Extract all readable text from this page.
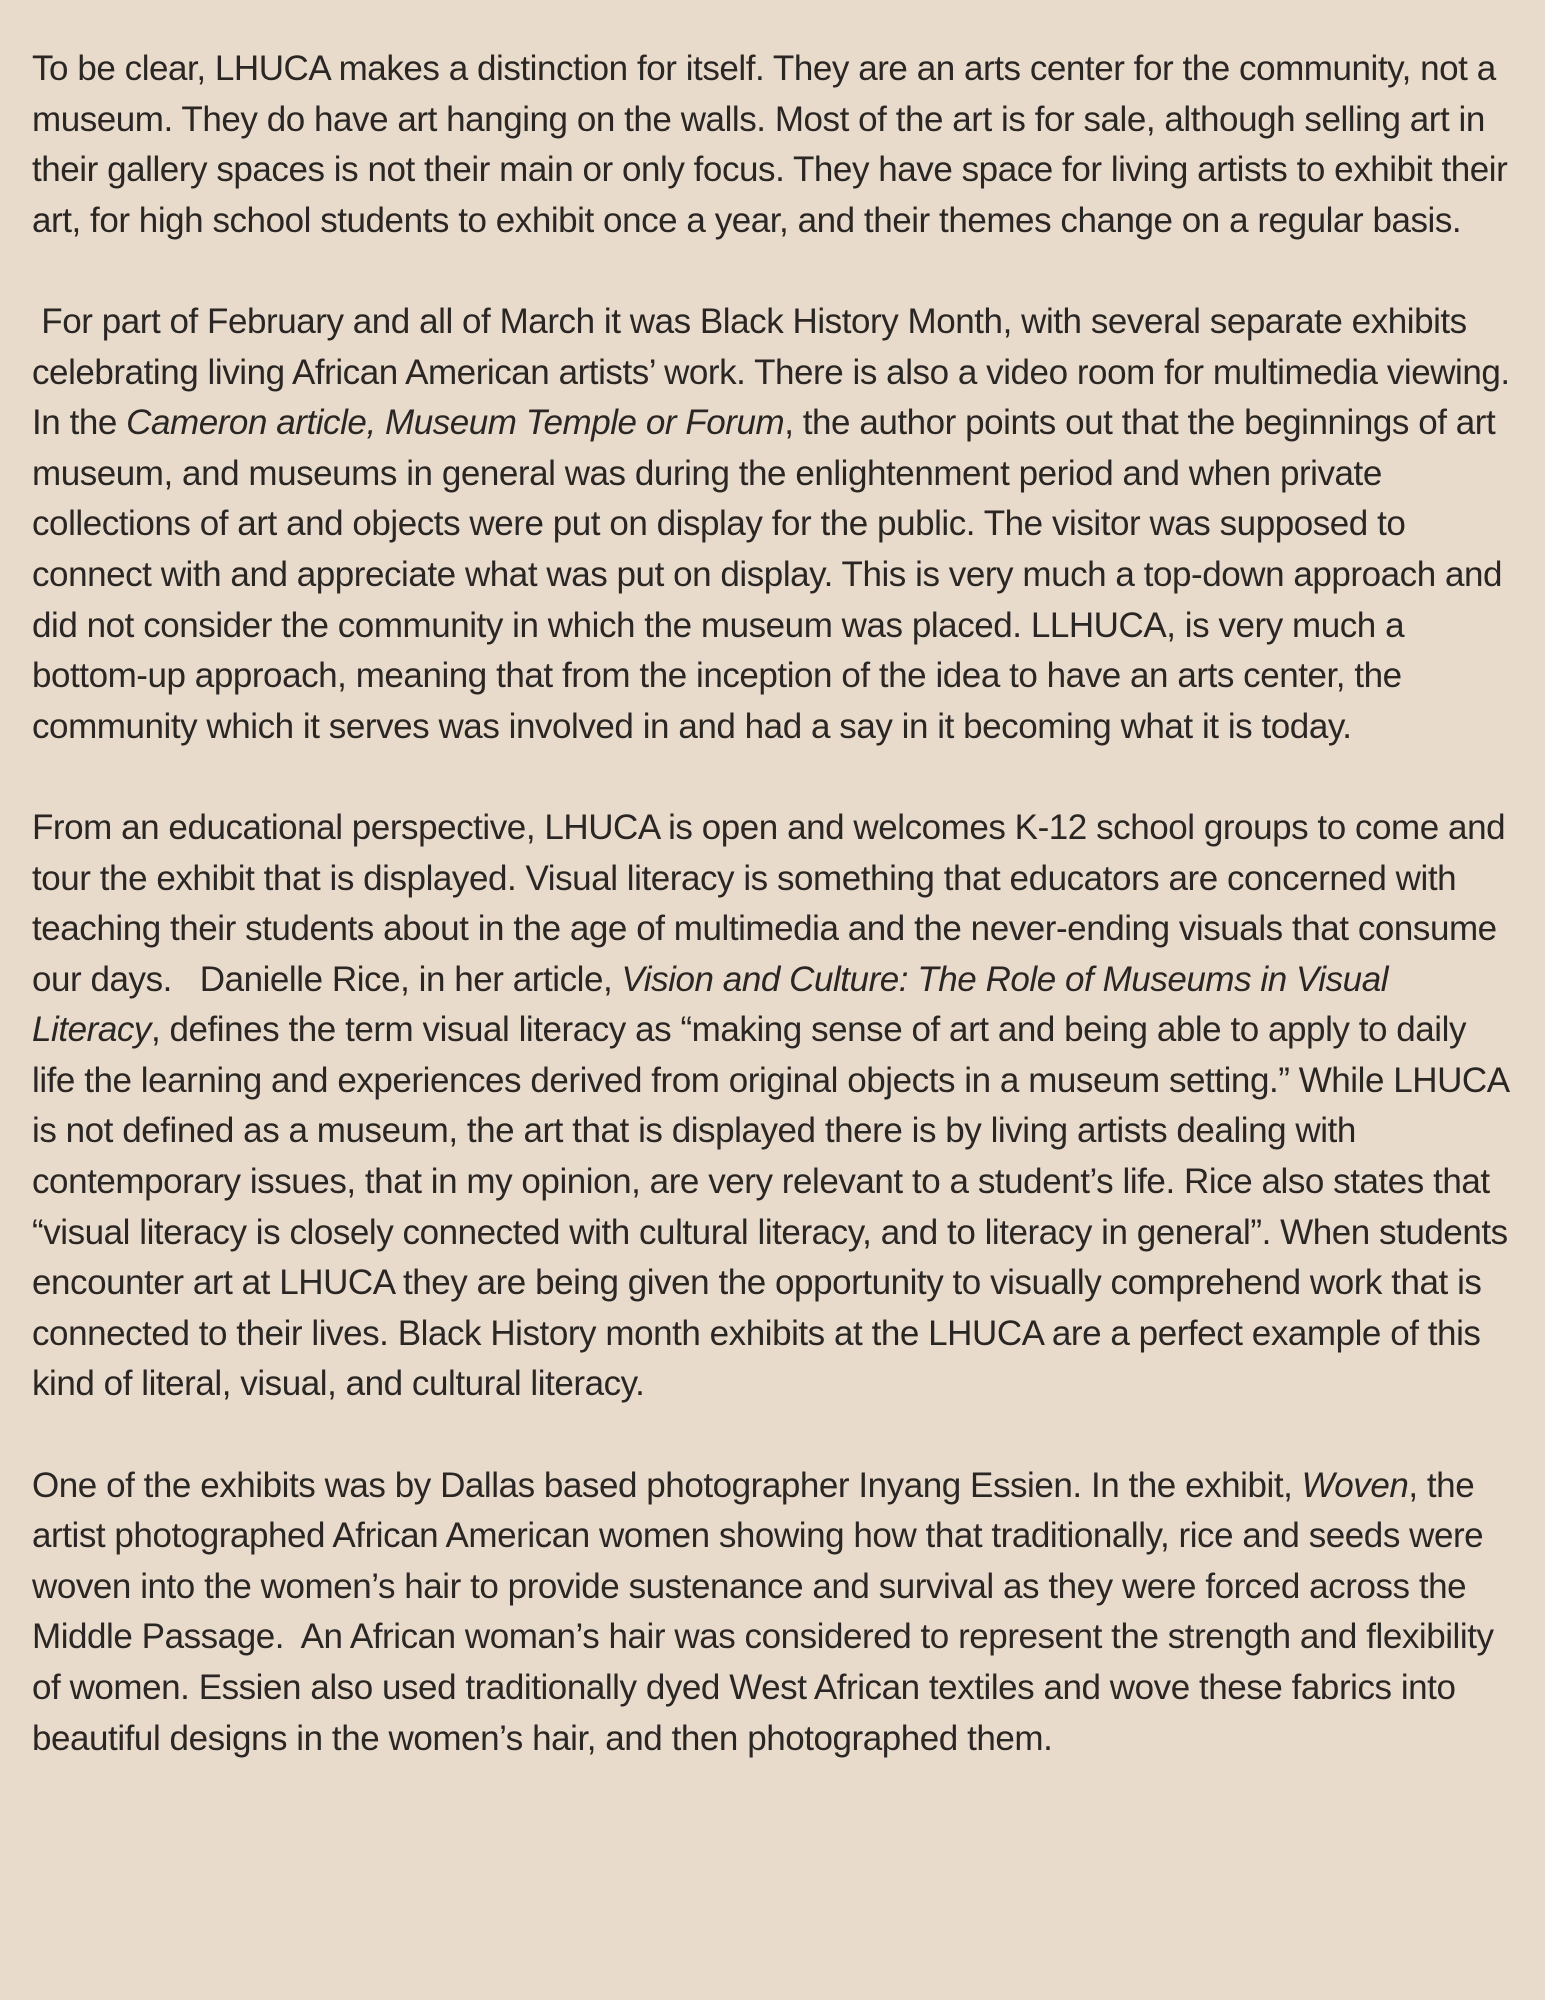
To be clear, LHUCA makes a distinction for itself. They are an arts center for the community, not a museum. They do have art hanging on the walls. Most of the art is for sale, although selling art in their gallery spaces is not their main or only focus. They have space for living artists to exhibit their art, for high school students to exhibit once a year, and their themes change on a regular basis.

For part of February and all of March it was Black History Month, with several separate exhibits celebrating living African American artists’ work. There is also a video room for multimedia viewing. In the Cameron article, Museum Temple or Forum, the author points out that the beginnings of art museum, and museums in general was during the enlightenment period and when private collections of art and objects were put on display for the public. The visitor was supposed to connect with and appreciate what was put on display. This is very much a top-down approach and did not consider the community in which the museum was placed. LLHUCA, is very much a bottom-up approach, meaning that from the inception of the idea to have an arts center, the community which it serves was involved in and had a say in it becoming what it is today.

From an educational perspective, LHUCA is open and welcomes K-12 school groups to come and tour the exhibit that is displayed. Visual literacy is something that educators are concerned with teaching their students about in the age of multimedia and the never-ending visuals that consume our days.   Danielle Rice, in her article, Vision and Culture: The Role of Museums in Visual Literacy, defines the term visual literacy as “making sense of art and being able to apply to daily life the learning and experiences derived from original objects in a museum setting.” While LHUCA is not defined as a museum, the art that is displayed there is by living artists dealing with contemporary issues, that in my opinion, are very relevant to a student’s life. Rice also states that “visual literacy is closely connected with cultural literacy, and to literacy in general”. When students encounter art at LHUCA they are being given the opportunity to visually comprehend work that is connected to their lives. Black History month exhibits at the LHUCA are a perfect example of this kind of literal, visual, and cultural literacy.

One of the exhibits was by Dallas based photographer Inyang Essien. In the exhibit, Woven, the artist photographed African American women showing how that traditionally, rice and seeds were woven into the women’s hair to provide sustenance and survival as they were forced across the Middle Passage.  An African woman’s hair was considered to represent the strength and flexibility of women. Essien also used traditionally dyed West African textiles and wove these fabrics into beautiful designs in the women’s hair, and then photographed them.
